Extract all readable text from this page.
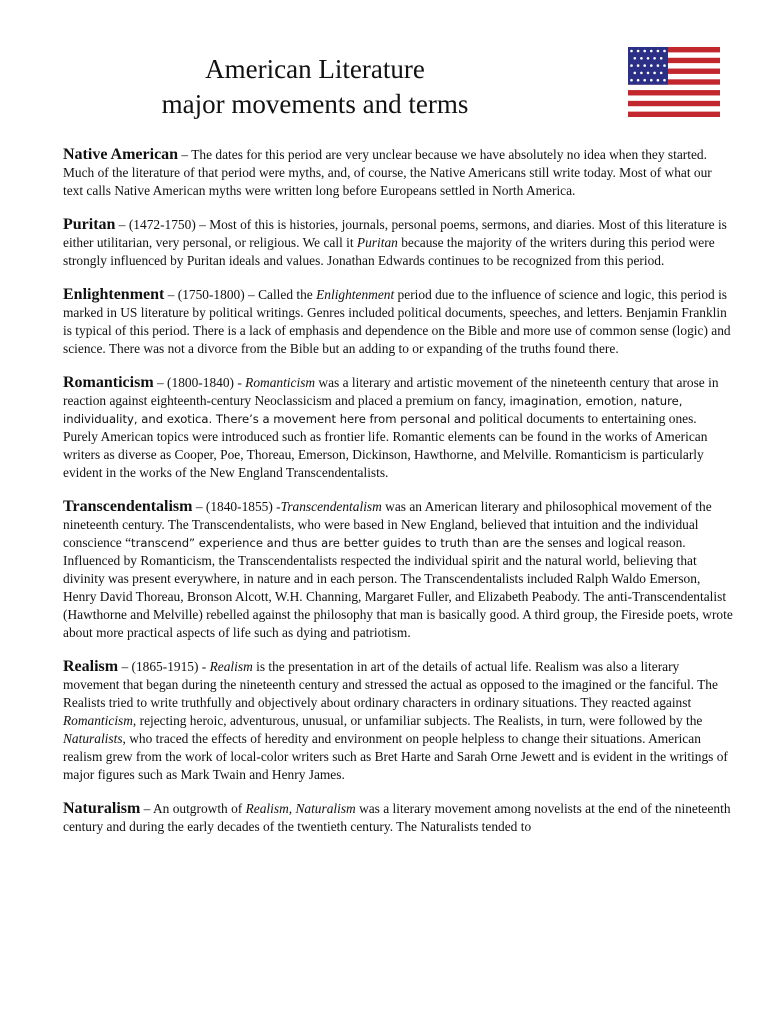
American Literature
major movements and terms

Native American – The dates for this period are very unclear because we have absolutely no idea when they started. Much of the literature of that period were myths, and, of course, the Native Americans still write today. Most of what our text calls Native American myths were written long before Europeans settled in North America.

Puritan – (1472-1750) – Most of this is histories, journals, personal poems, sermons, and diaries. Most of this literature is either utilitarian, very personal, or religious. We call it Puritan because the majority of the writers during this period were strongly influenced by Puritan ideals and values. Jonathan Edwards continues to be recognized from this period.

Enlightenment – (1750-1800) – Called the Enlightenment period due to the influence of science and logic, this period is marked in US literature by political writings. Genres included political documents, speeches, and letters. Benjamin Franklin is typical of this period. There is a lack of emphasis and dependence on the Bible and more use of common sense (logic) and science. There was not a divorce from the Bible but an adding to or expanding of the truths found there.

Romanticism – (1800-1840) - Romanticism was a literary and artistic movement of the nineteenth century that arose in reaction against eighteenth-century Neoclassicism and placed a premium on fancy, imagination, emotion, nature, individuality, and exotica. There’s a movement here from personal and political documents to entertaining ones. Purely American topics were introduced such as frontier life. Romantic elements can be found in the works of American writers as diverse as Cooper, Poe, Thoreau, Emerson, Dickinson, Hawthorne, and Melville. Romanticism is particularly evident in the works of the New England Transcendentalists.

Transcendentalism – (1840-1855) -Transcendentalism was an American literary and philosophical movement of the nineteenth century. The Transcendentalists, who were based in New England, believed that intuition and the individual conscience “transcend” experience and thus are better guides to truth than are the senses and logical reason. Influenced by Romanticism, the Transcendentalists respected the individual spirit and the natural world, believing that divinity was present everywhere, in nature and in each person. The Transcendentalists included Ralph Waldo Emerson, Henry David Thoreau, Bronson Alcott, W.H. Channing, Margaret Fuller, and Elizabeth Peabody. The anti-Transcendentalist (Hawthorne and Melville) rebelled against the philosophy that man is basically good. A third group, the Fireside poets, wrote about more practical aspects of life such as dying and patriotism.

Realism – (1865-1915) - Realism is the presentation in art of the details of actual life. Realism was also a literary movement that began during the nineteenth century and stressed the actual as opposed to the imagined or the fanciful. The Realists tried to write truthfully and objectively about ordinary characters in ordinary situations. They reacted against Romanticism, rejecting heroic, adventurous, unusual, or unfamiliar subjects. The Realists, in turn, were followed by the Naturalists, who traced the effects of heredity and environment on people helpless to change their situations. American realism grew from the work of local-color writers such as Bret Harte and Sarah Orne Jewett and is evident in the writings of major figures such as Mark Twain and Henry James.

Naturalism – An outgrowth of Realism, Naturalism was a literary movement among novelists at the end of the nineteenth century and during the early decades of the twentieth century. The Naturalists tended to
